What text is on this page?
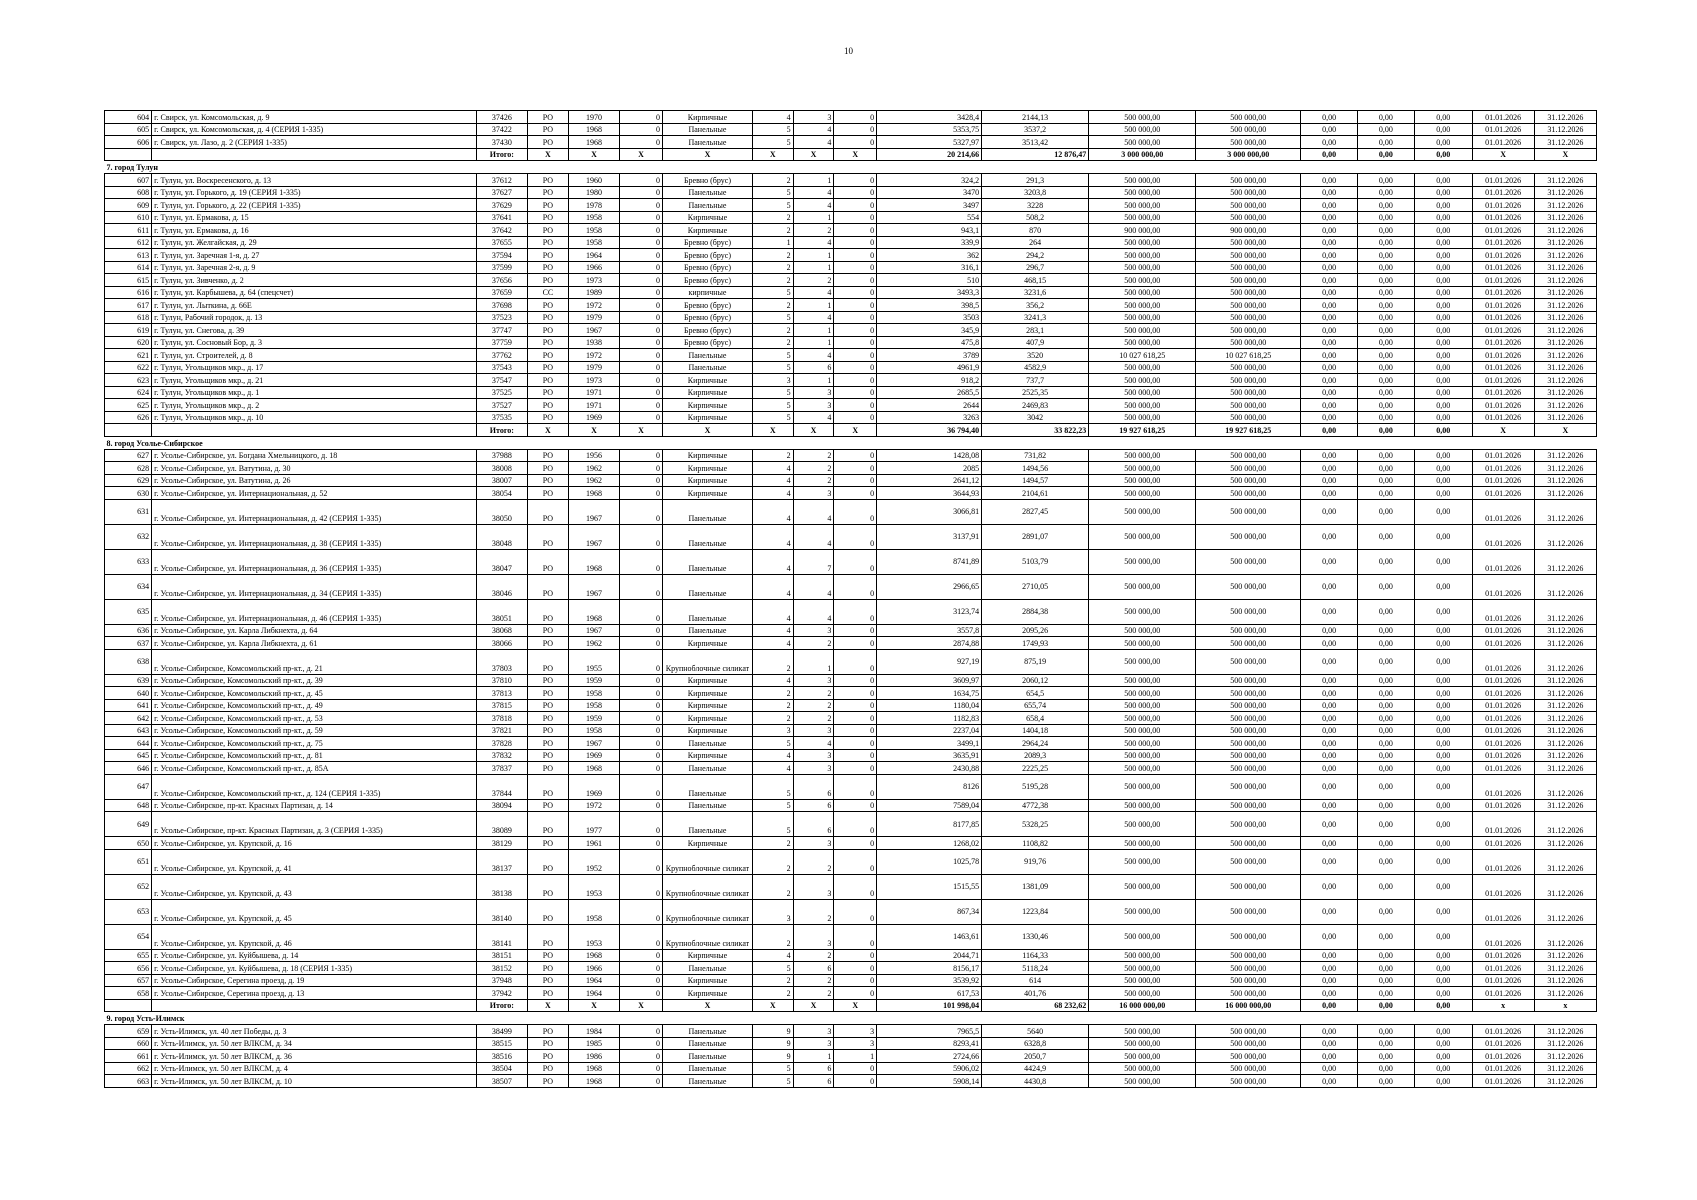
10
604	г. Свирск, ул. Комсомольская, д. 9	37426	РО	1970	0	Кирпичные	4	3	0	3428,4	2144,13	500 000,00	500 000,00	0,00	0,00	0,00	01.01.2026	31.12.2026
605	г. Свирск, ул. Комсомольская, д. 4 (СЕРИЯ 1-335)	37422	РО	1968	0	Панельные	5	4	0	5353,75	3537,2	500 000,00	500 000,00	0,00	0,00	0,00	01.01.2026	31.12.2026
606	г. Свирск, ул. Лазо, д. 2 (СЕРИЯ 1-335)	37430	РО	1968	0	Панельные	5	4	0	5327,97	3513,42	500 000,00	500 000,00	0,00	0,00	0,00	01.01.2026	31.12.2026
		Итого:	X	X	X	X	X	X	X	20 214,66	12 876,47	3 000 000,00	3 000 000,00	0,00	0,00	0,00	X	X
7. город Тулун																		
607	г. Тулун, ул. Воскресенского, д. 13	37612	РО	1960	0	Бревно (брус)	2	1	0	324,2	291,3	500 000,00	500 000,00	0,00	0,00	0,00	01.01.2026	31.12.2026
608	г. Тулун, ул. Горького, д. 19 (СЕРИЯ 1-335)	37627	РО	1980	0	Панельные	5	4	0	3470	3203,8	500 000,00	500 000,00	0,00	0,00	0,00	01.01.2026	31.12.2026
609	г. Тулун, ул. Горького, д. 22 (СЕРИЯ 1-335)	37629	РО	1978	0	Панельные	5	4	0	3497	3228	500 000,00	500 000,00	0,00	0,00	0,00	01.01.2026	31.12.2026
610	г. Тулун, ул. Ермакова, д. 15	37641	РО	1958	0	Кирпичные	2	1	0	554	508,2	500 000,00	500 000,00	0,00	0,00	0,00	01.01.2026	31.12.2026
611	г. Тулун, ул. Ермакова, д. 16	37642	РО	1958	0	Кирпичные	2	2	0	943,1	870	900 000,00	900 000,00	0,00	0,00	0,00	01.01.2026	31.12.2026
612	г. Тулун, ул. Желгайская, д. 29	37655	РО	1958	0	Бревно (брус)	1	4	0	339,9	264	500 000,00	500 000,00	0,00	0,00	0,00	01.01.2026	31.12.2026
613	г. Тулун, ул. Заречная 1-я, д. 27	37594	РО	1964	0	Бревно (брус)	2	1	0	362	294,2	500 000,00	500 000,00	0,00	0,00	0,00	01.01.2026	31.12.2026
614	г. Тулун, ул. Заречная 2-я, д. 9	37599	РО	1966	0	Бревно (брус)	2	1	0	316,1	296,7	500 000,00	500 000,00	0,00	0,00	0,00	01.01.2026	31.12.2026
615	г. Тулун, ул. Зивченко, д. 2	37656	РО	1973	0	Бревно (брус)	2	2	0	510	468,15	500 000,00	500 000,00	0,00	0,00	0,00	01.01.2026	31.12.2026
616	г. Тулун, ул. Карбышева, д. 64 (спецсчет)	37659	СС	1989	0	кирпичные	5	4	0	3493,3	3231,6	500 000,00	500 000,00	0,00	0,00	0,00	01.01.2026	31.12.2026
617	г. Тулун, ул. Лыткина, д. 66Е	37698	РО	1972	0	Бревно (брус)	2	1	0	398,5	356,2	500 000,00	500 000,00	0,00	0,00	0,00	01.01.2026	31.12.2026
618	г. Тулун, Рабочий городок, д. 13	37523	РО	1979	0	Бревно (брус)	5	4	0	3503	3241,3	500 000,00	500 000,00	0,00	0,00	0,00	01.01.2026	31.12.2026
619	г. Тулун, ул. Снегова, д. 39	37747	РО	1967	0	Бревно (брус)	2	1	0	345,9	283,1	500 000,00	500 000,00	0,00	0,00	0,00	01.01.2026	31.12.2026
620	г. Тулун, ул. Сосновый Бор, д. 3	37759	РО	1938	0	Бревно (брус)	2	1	0	475,8	407,9	500 000,00	500 000,00	0,00	0,00	0,00	01.01.2026	31.12.2026
621	г. Тулун, ул. Строителей, д. 8	37762	РО	1972	0	Панельные	5	4	0	3789	3520	10 027 618,25	10 027 618,25	0,00	0,00	0,00	01.01.2026	31.12.2026
622	г. Тулун, Угольщиков мкр., д. 17	37543	РО	1979	0	Панельные	5	6	0	4961,9	4582,9	500 000,00	500 000,00	0,00	0,00	0,00	01.01.2026	31.12.2026
623	г. Тулун, Угольщиков мкр., д. 21	37547	РО	1973	0	Кирпичные	3	1	0	918,2	737,7	500 000,00	500 000,00	0,00	0,00	0,00	01.01.2026	31.12.2026
624	г. Тулун, Угольщиков мкр., д. 1	37525	РО	1971	0	Кирпичные	5	3	0	2685,5	2525,35	500 000,00	500 000,00	0,00	0,00	0,00	01.01.2026	31.12.2026
625	г. Тулун, Угольщиков мкр., д. 2	37527	РО	1971	0	Кирпичные	5	3	0	2644	2469,83	500 000,00	500 000,00	0,00	0,00	0,00	01.01.2026	31.12.2026
626	г. Тулун, Угольщиков мкр., д. 10	37535	РО	1969	0	Кирпичные	5	4	0	3263	3042	500 000,00	500 000,00	0,00	0,00	0,00	01.01.2026	31.12.2026
		Итого:	X	X	X	X	X	X	X	36 794,40	33 822,23	19 927 618,25	19 927 618,25	0,00	0,00	0,00	X	X
8. город Усолье-Сибирское																		
627	г. Усолье-Сибирское, ул. Богдана Хмельницкого, д. 18	37988	РО	1956	0	Кирпичные	2	2	0	1428,08	731,82	500 000,00	500 000,00	0,00	0,00	0,00	01.01.2026	31.12.2026
628	г. Усолье-Сибирское, ул. Ватутина, д. 30	38008	РО	1962	0	Кирпичные	4	2	0	2085	1494,56	500 000,00	500 000,00	0,00	0,00	0,00	01.01.2026	31.12.2026
629	г. Усолье-Сибирское, ул. Ватутина, д. 26	38007	РО	1962	0	Кирпичные	4	2	0	2641,12	1494,57	500 000,00	500 000,00	0,00	0,00	0,00	01.01.2026	31.12.2026
630	г. Усолье-Сибирское, ул. Интернациональная, д. 52	38054	РО	1968	0	Кирпичные	4	3	0	3644,93	2104,61	500 000,00	500 000,00	0,00	0,00	0,00	01.01.2026	31.12.2026
631	г. Усолье-Сибирское, ул. Интернациональная, д. 42 (СЕРИЯ 1-335)	38050	РО	1967	0	Панельные	4	4	0	3066,81	2827,45	500 000,00	500 000,00	0,00	0,00	0,00	01.01.2026	31.12.2026
632	г. Усолье-Сибирское, ул. Интернациональная, д. 38 (СЕРИЯ 1-335)	38048	РО	1967	0	Панельные	4	4	0	3137,91	2891,07	500 000,00	500 000,00	0,00	0,00	0,00	01.01.2026	31.12.2026
633	г. Усолье-Сибирское, ул. Интернациональная, д. 36 (СЕРИЯ 1-335)	38047	РО	1968	0	Панельные	4	7	0	8741,89	5103,79	500 000,00	500 000,00	0,00	0,00	0,00	01.01.2026	31.12.2026
634	г. Усолье-Сибирское, ул. Интернациональная, д. 34 (СЕРИЯ 1-335)	38046	РО	1967	0	Панельные	4	4	0	2966,65	2710,05	500 000,00	500 000,00	0,00	0,00	0,00	01.01.2026	31.12.2026
635	г. Усолье-Сибирское, ул. Интернациональная, д. 46 (СЕРИЯ 1-335)	38051	РО	1968	0	Панельные	4	4	0	3123,74	2884,38	500 000,00	500 000,00	0,00	0,00	0,00	01.01.2026	31.12.2026
636	г. Усолье-Сибирское, ул. Карла Либкнехта, д. 64	38068	РО	1967	0	Панельные	4	3	0	3557,8	2095,26	500 000,00	500 000,00	0,00	0,00	0,00	01.01.2026	31.12.2026
637	г. Усолье-Сибирское, ул. Карла Либкнехта, д. 61	38066	РО	1962	0	Кирпичные	4	2	0	2874,88	1749,93	500 000,00	500 000,00	0,00	0,00	0,00	01.01.2026	31.12.2026
638	г. Усолье-Сибирское, Комсомольский пр-кт., д. 21	37803	РО	1955	0	Крупноблочные силикат	2	1	0	927,19	875,19	500 000,00	500 000,00	0,00	0,00	0,00	01.01.2026	31.12.2026
639	г. Усолье-Сибирское, Комсомольский пр-кт., д. 39	37810	РО	1959	0	Кирпичные	4	3	0	3609,97	2060,12	500 000,00	500 000,00	0,00	0,00	0,00	01.01.2026	31.12.2026
640	г. Усолье-Сибирское, Комсомольский пр-кт., д. 45	37813	РО	1958	0	Кирпичные	2	2	0	1634,75	654,5	500 000,00	500 000,00	0,00	0,00	0,00	01.01.2026	31.12.2026
641	г. Усолье-Сибирское, Комсомольский пр-кт., д. 49	37815	РО	1958	0	Кирпичные	2	2	0	1180,04	655,74	500 000,00	500 000,00	0,00	0,00	0,00	01.01.2026	31.12.2026
642	г. Усолье-Сибирское, Комсомольский пр-кт., д. 53	37818	РО	1959	0	Кирпичные	2	2	0	1182,83	658,4	500 000,00	500 000,00	0,00	0,00	0,00	01.01.2026	31.12.2026
643	г. Усолье-Сибирское, Комсомольский пр-кт., д. 59	37821	РО	1958	0	Кирпичные	3	3	0	2237,04	1404,18	500 000,00	500 000,00	0,00	0,00	0,00	01.01.2026	31.12.2026
644	г. Усолье-Сибирское, Комсомольский пр-кт., д. 75	37828	РО	1967	0	Панельные	5	4	0	3499,1	2964,24	500 000,00	500 000,00	0,00	0,00	0,00	01.01.2026	31.12.2026
645	г. Усолье-Сибирское, Комсомольский пр-кт., д. 81	37832	РО	1969	0	Кирпичные	4	3	0	3635,91	2089,3	500 000,00	500 000,00	0,00	0,00	0,00	01.01.2026	31.12.2026
646	г. Усолье-Сибирское, Комсомольский пр-кт., д. 85А	37837	РО	1968	0	Панельные	4	3	0	2430,88	2225,25	500 000,00	500 000,00	0,00	0,00	0,00	01.01.2026	31.12.2026
647	г. Усолье-Сибирское, Комсомольский пр-кт., д. 124 (СЕРИЯ 1-335)	37844	РО	1969	0	Панельные	5	6	0	8126	5195,28	500 000,00	500 000,00	0,00	0,00	0,00	01.01.2026	31.12.2026
648	г. Усолье-Сибирское, пр-кт. Красных Партизан, д. 14	38094	РО	1972	0	Панельные	5	6	0	7589,04	4772,38	500 000,00	500 000,00	0,00	0,00	0,00	01.01.2026	31.12.2026
649	г. Усолье-Сибирское, пр-кт. Красных Партизан, д. 3 (СЕРИЯ 1-335)	38089	РО	1977	0	Панельные	5	6	0	8177,85	5328,25	500 000,00	500 000,00	0,00	0,00	0,00	01.01.2026	31.12.2026
650	г. Усолье-Сибирское, ул. Крупской, д. 16	38129	РО	1961	0	Кирпичные	2	3	0	1268,02	1108,82	500 000,00	500 000,00	0,00	0,00	0,00	01.01.2026	31.12.2026
651	г. Усолье-Сибирское, ул. Крупской, д. 41	38137	РО	1952	0	Крупноблочные силикат	2	2	0	1025,78	919,76	500 000,00	500 000,00	0,00	0,00	0,00	01.01.2026	31.12.2026
652	г. Усолье-Сибирское, ул. Крупской, д. 43	38138	РО	1953	0	Крупноблочные силикат	2	3	0	1515,55	1381,09	500 000,00	500 000,00	0,00	0,00	0,00	01.01.2026	31.12.2026
653	г. Усолье-Сибирское, ул. Крупской, д. 45	38140	РО	1958	0	Крупноблочные силикат	3	2	0	867,34	1223,84	500 000,00	500 000,00	0,00	0,00	0,00	01.01.2026	31.12.2026
654	г. Усолье-Сибирское, ул. Крупской, д. 46	38141	РО	1953	0	Крупноблочные силикат	2	3	0	1463,61	1330,46	500 000,00	500 000,00	0,00	0,00	0,00	01.01.2026	31.12.2026
655	г. Усолье-Сибирское, ул. Куйбышева, д. 14	38151	РО	1968	0	Кирпичные	4	2	0	2044,71	1164,33	500 000,00	500 000,00	0,00	0,00	0,00	01.01.2026	31.12.2026
656	г. Усолье-Сибирское, ул. Куйбышева, д. 18 (СЕРИЯ 1-335)	38152	РО	1966	0	Панельные	5	6	0	8156,17	5118,24	500 000,00	500 000,00	0,00	0,00	0,00	01.01.2026	31.12.2026
657	г. Усолье-Сибирское, Серегина проезд, д. 19	37948	РО	1964	0	Кирпичные	2	2	0	3539,92	614	500 000,00	500 000,00	0,00	0,00	0,00	01.01.2026	31.12.2026
658	г. Усолье-Сибирское, Серегина проезд, д. 13	37942	РО	1964	0	Кирпичные	2	2	0	617,53	401,76	500 000,00	500 000,00	0,00	0,00	0,00	01.01.2026	31.12.2026
		Итого:	X	X	X	X	X	X	X	101 998,04	68 232,62	16 000 000,00	16 000 000,00	0,00	0,00	0,00	x	x
9. город Усть-Илимск																		
659	г. Усть-Илимск, ул. 40 лет Победы, д. 3	38499	РО	1984	0	Панельные	9	3	3	7965,5	5640	500 000,00	500 000,00	0,00	0,00	0,00	01.01.2026	31.12.2026
660	г. Усть-Илимск, ул. 50 лет ВЛКСМ, д. 34	38515	РО	1985	0	Панельные	9	3	3	8293,41	6328,8	500 000,00	500 000,00	0,00	0,00	0,00	01.01.2026	31.12.2026
661	г. Усть-Илимск, ул. 50 лет ВЛКСМ, д. 36	38516	РО	1986	0	Панельные	9	1	1	2724,66	2050,7	500 000,00	500 000,00	0,00	0,00	0,00	01.01.2026	31.12.2026
662	г. Усть-Илимск, ул. 50 лет ВЛКСМ, д. 4	38504	РО	1968	0	Панельные	5	6	0	5906,02	4424,9	500 000,00	500 000,00	0,00	0,00	0,00	01.01.2026	31.12.2026
663	г. Усть-Илимск, ул. 50 лет ВЛКСМ, д. 10	38507	РО	1968	0	Панельные	5	6	0	5908,14	4430,8	500 000,00	500 000,00	0,00	0,00	0,00	01.01.2026	31.12.2026
